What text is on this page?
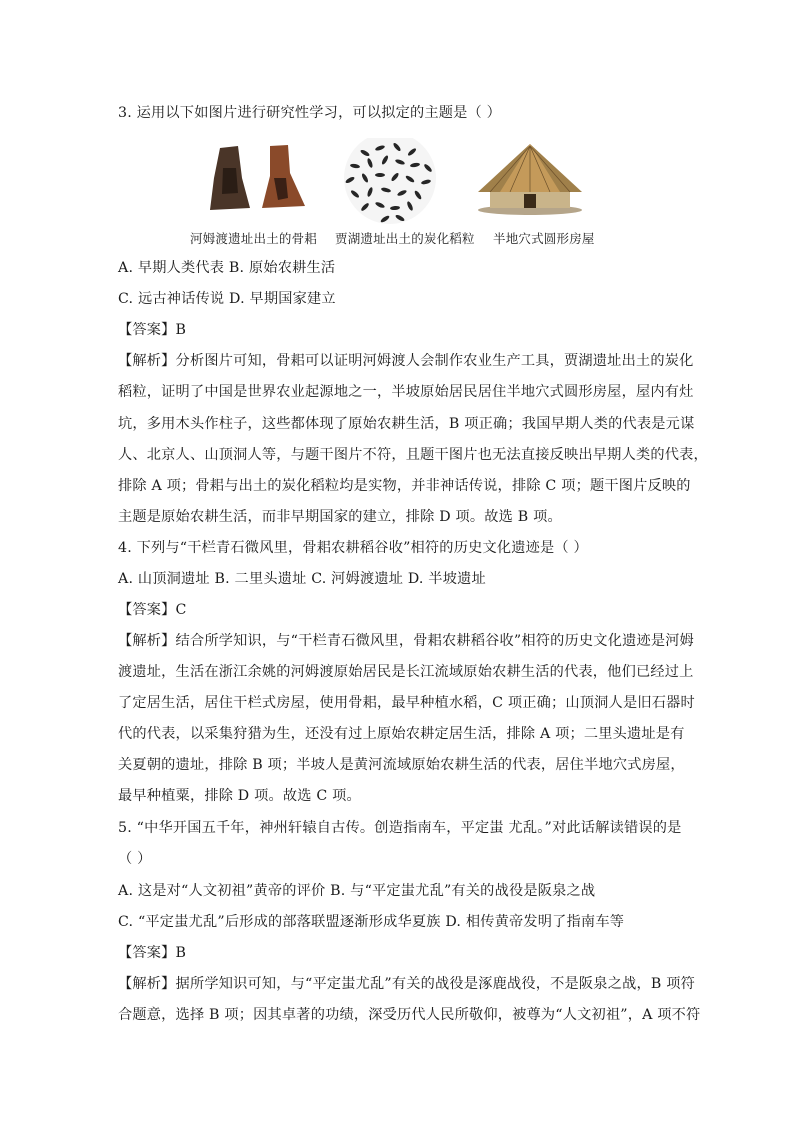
3. 运用以下如图片进行研究性学习，可以拟定的主题是（ ）
河姆渡遗址出土的骨耜 贾湖遗址出土的炭化稻粒 半地穴式圆形房屋
A. 早期人类代表 B. 原始农耕生活
C. 远古神话传说 D. 早期国家建立
【答案】B
【解析】分析图片可知，骨耜可以证明河姆渡人会制作农业生产工具，贾湖遗址出土的炭化
稻粒，证明了中国是世界农业起源地之一，半坡原始居民居住半地穴式圆形房屋，屋内有灶
坑，多用木头作柱子，这些都体现了原始农耕生活，B 项正确；我国早期人类的代表是元谋
人、北京人、山顶洞人等，与题干图片不符，且题干图片也无法直接反映出早期人类的代表，
排除 A 项；骨耜与出土的炭化稻粒均是实物，并非神话传说，排除 C 项；题干图片反映的
主题是原始农耕生活，而非早期国家的建立，排除 D 项。故选 B 项。
4. 下列与“干栏青石微风里，骨耜农耕稻谷收”相符的历史文化遗迹是（ ）
A. 山顶洞遗址 B. 二里头遗址 C. 河姆渡遗址 D. 半坡遗址
【答案】C
【解析】结合所学知识，与“干栏青石微风里，骨耜农耕稻谷收”相符的历史文化遗迹是河姆
渡遗址，生活在浙江余姚的河姆渡原始居民是长江流域原始农耕生活的代表，他们已经过上
了定居生活，居住干栏式房屋，使用骨耜，最早种植水稻，C 项正确；山顶洞人是旧石器时
代的代表，以采集狩猎为生，还没有过上原始农耕定居生活，排除 A 项；二里头遗址是有
关夏朝的遗址，排除 B 项；半坡人是黄河流域原始农耕生活的代表，居住半地穴式房屋，
最早种植粟，排除 D 项。故选 C 项。
5. “中华开国五千年，神州轩辕自古传。创造指南车，平定蚩 尤乱。”对此话解读错误的是
（ ）
A. 这是对“人文初祖”黄帝的评价 B. 与“平定蚩尤乱”有关的战役是阪泉之战
C. “平定蚩尤乱”后形成的部落联盟逐渐形成华夏族 D. 相传黄帝发明了指南车等
【答案】B
【解析】据所学知识可知，与“平定蚩尤乱”有关的战役是涿鹿战役，不是阪泉之战，B 项符
合题意，选择 B 项；因其卓著的功绩，深受历代人民所敬仰，被尊为“人文初祖”，A 项不符
